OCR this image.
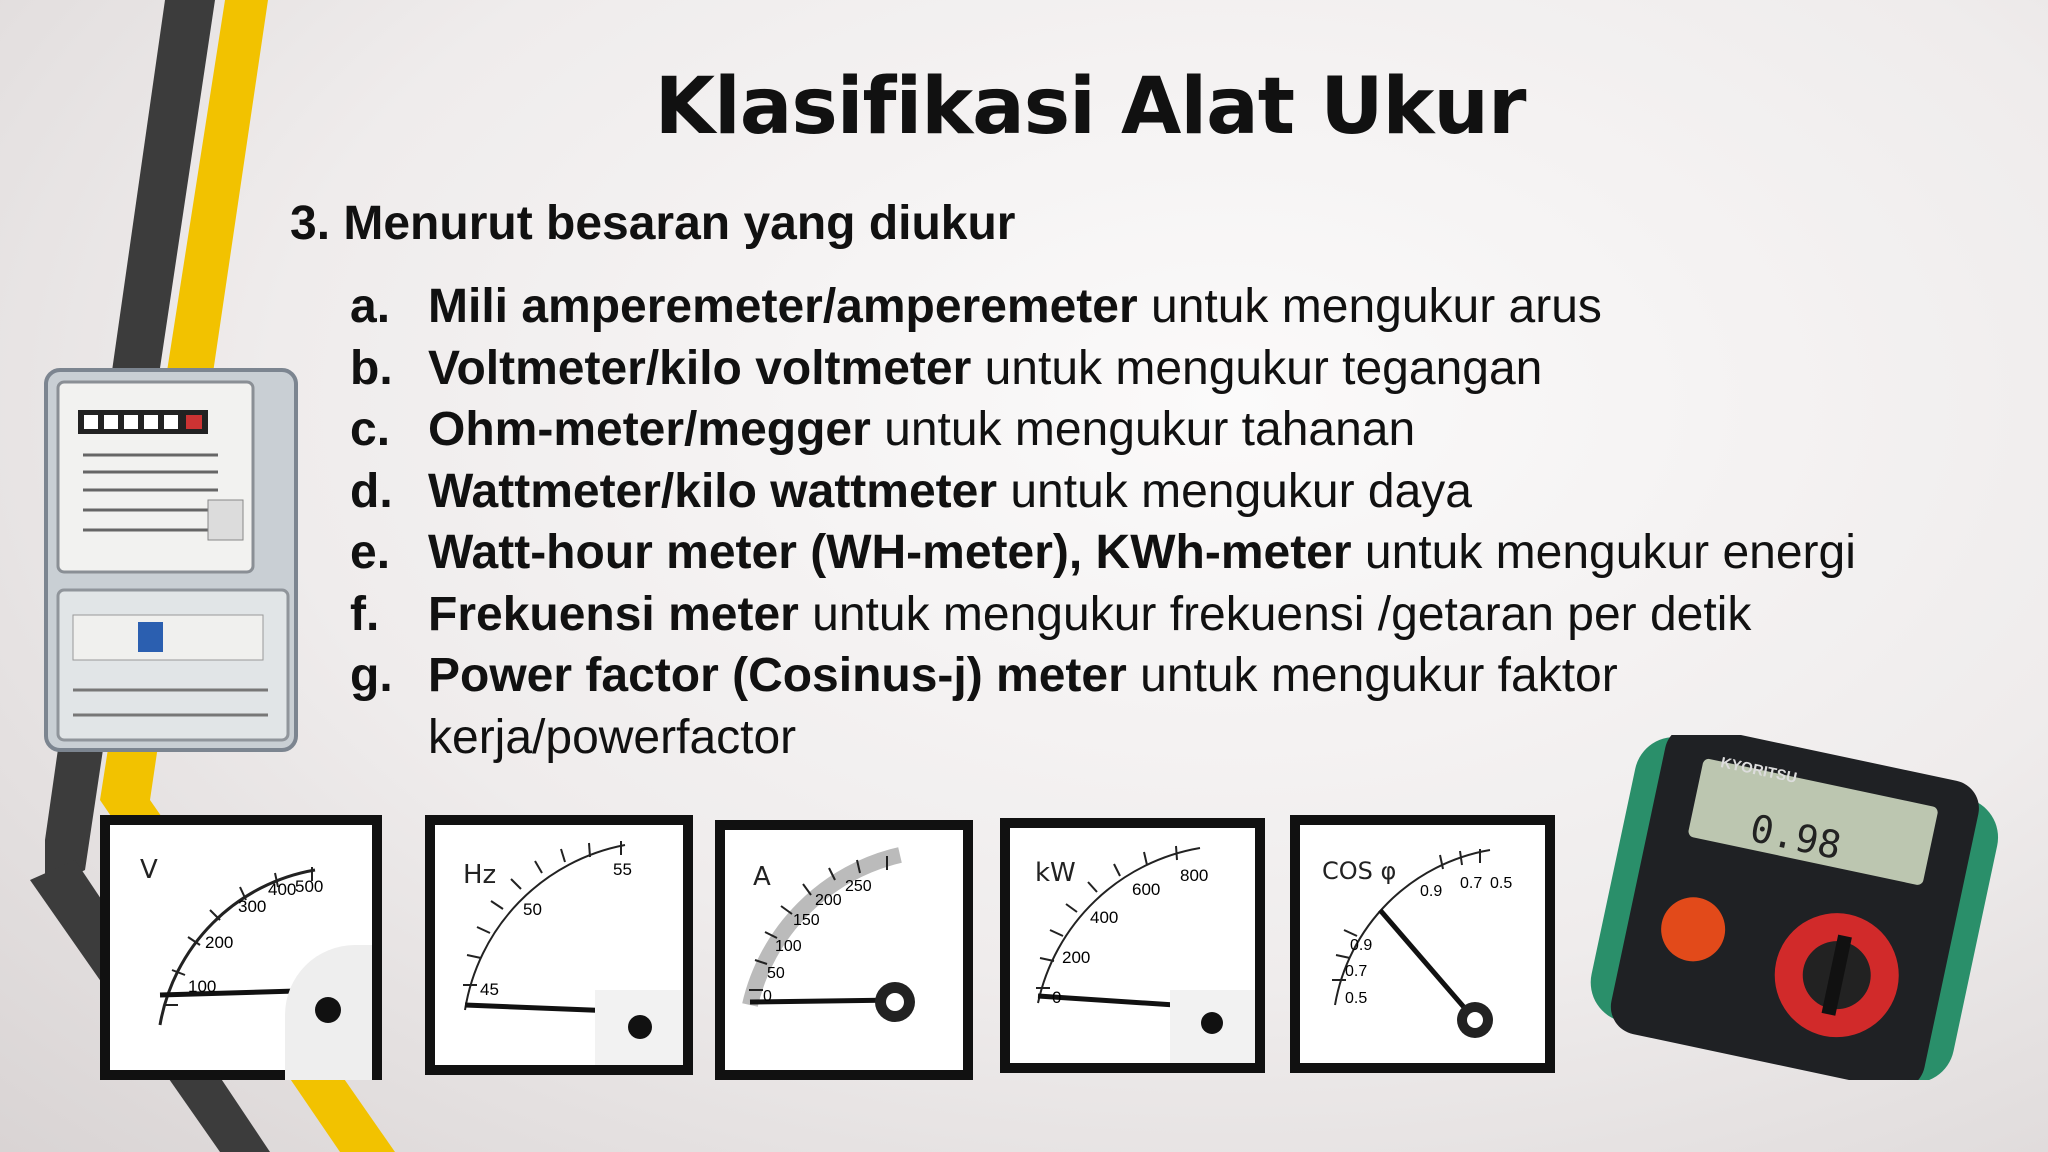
Klasifikasi Alat Ukur
3. Menurut besaran yang diukur
a. Mili amperemeter/amperemeter untuk mengukur arus
b. Voltmeter/kilo voltmeter untuk mengukur tegangan
c. Ohm-meter/megger untuk mengukur tahanan
d. Wattmeter/kilo wattmeter untuk mengukur daya
e. Watt-hour meter (WH-meter), KWh-meter untuk mengukur energi
f.	Frekuensi meter untuk mengukur frekuensi /getaran per detik
g. Power factor (Cosinus-j) meter untuk mengukur faktor kerja/powerfactor
V
100
200
300
400
500	Hz
45
50
55	A
0
50
100
150
200
250	kW
0
200
400
600
800	COS φ	0.5
0.7
0.9
0.9
0.7
0.5
KYORITSU
0.98
